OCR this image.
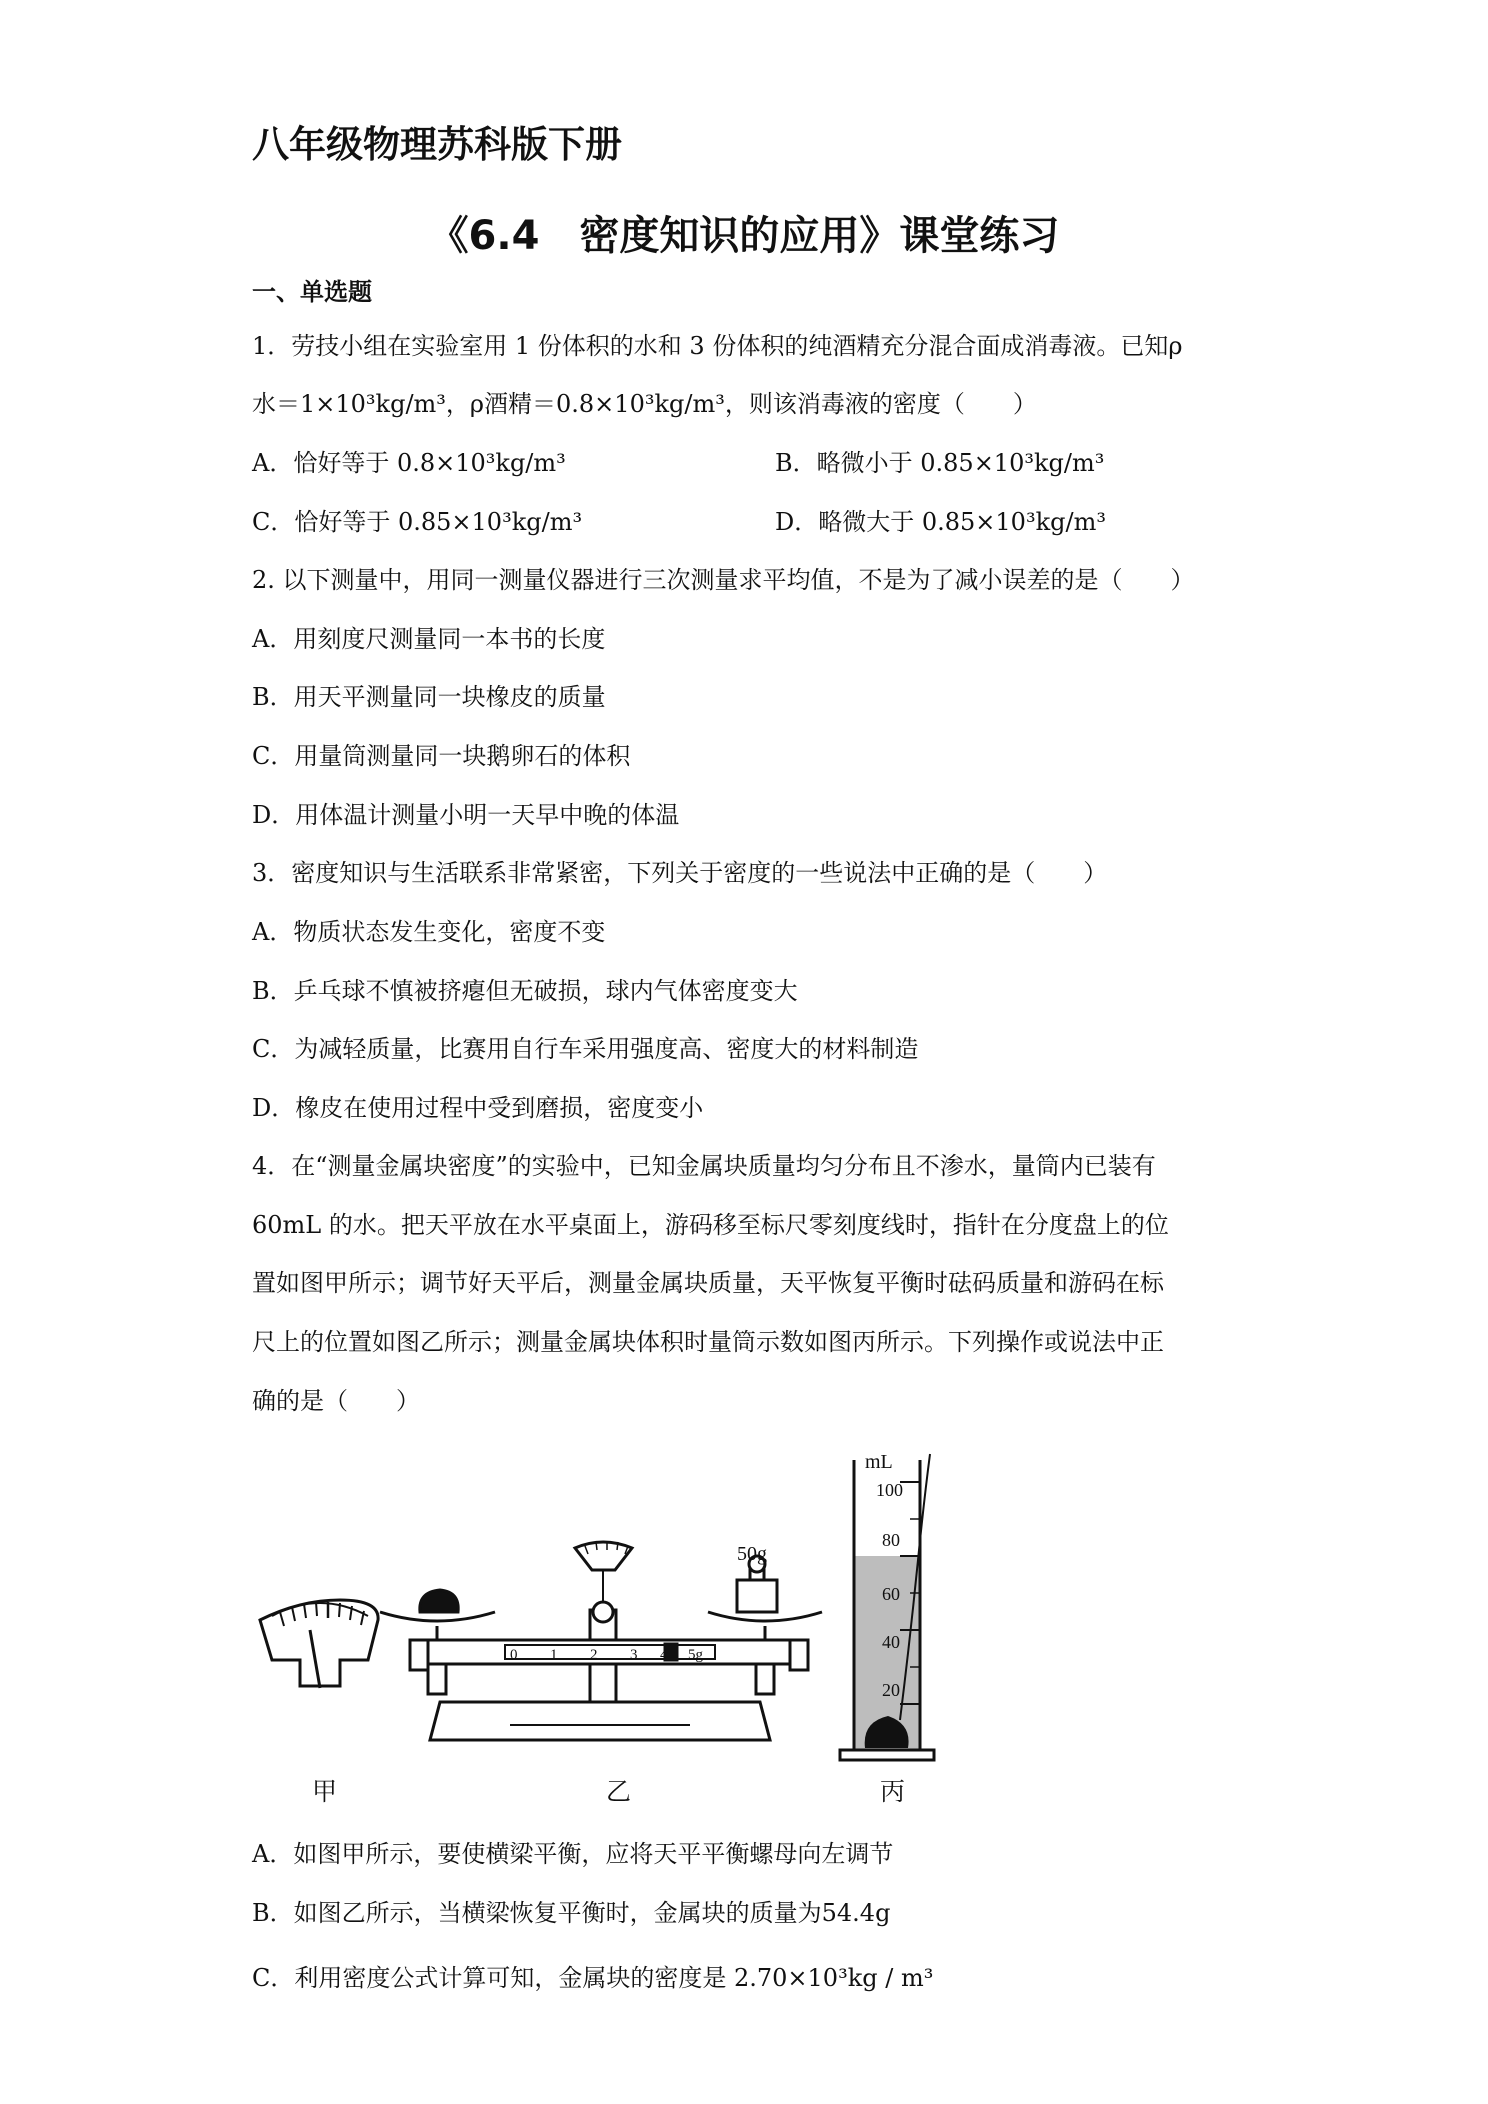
八年级物理苏科版下册
《6.4　密度知识的应用》课堂练习
一、单选题
1．劳技小组在实验室用 1 份体积的水和 3 份体积的纯酒精充分混合面成消毒液。已知ρ
水＝1×10³kg/m³，ρ酒精＝0.8×10³kg/m³，则该消毒液的密度（　　）
A．恰好等于 0.8×10³kg/m³	B．略微小于 0.85×10³kg/m³
C．恰好等于 0.85×10³kg/m³	D．略微大于 0.85×10³kg/m³
2. 以下测量中，用同一测量仪器进行三次测量求平均值，不是为了减小误差的是（　　）
A．用刻度尺测量同一本书的长度
B．用天平测量同一块橡皮的质量
C．用量筒测量同一块鹅卵石的体积
D．用体温计测量小明一天早中晚的体温
3．密度知识与生活联系非常紧密，下列关于密度的一些说法中正确的是（　　）
A．物质状态发生变化，密度不变
B．乒乓球不慎被挤瘪但无破损，球内气体密度变大
C．为减轻质量，比赛用自行车采用强度高、密度大的材料制造
D．橡皮在使用过程中受到磨损，密度变小
4．在“测量金属块密度”的实验中，已知金属块质量均匀分布且不渗水，量筒内已装有
60mL 的水。把天平放在水平桌面上，游码移至标尺零刻度线时，指针在分度盘上的位
置如图甲所示；调节好天平后，测量金属块质量，天平恢复平衡时砝码质量和游码在标
尺上的位置如图乙所示；测量金属块体积时量筒示数如图丙所示。下列操作或说法中正
确的是（　　）
0 1 2 3 4 5g
50g
mL
100
80
60
40
20
甲	乙	丙
A．如图甲所示，要使横梁平衡，应将天平平衡螺母向左调节
B．如图乙所示，当横梁恢复平衡时，金属块的质量为54.4g
C．利用密度公式计算可知，金属块的密度是 2.70×10³kg / m³
